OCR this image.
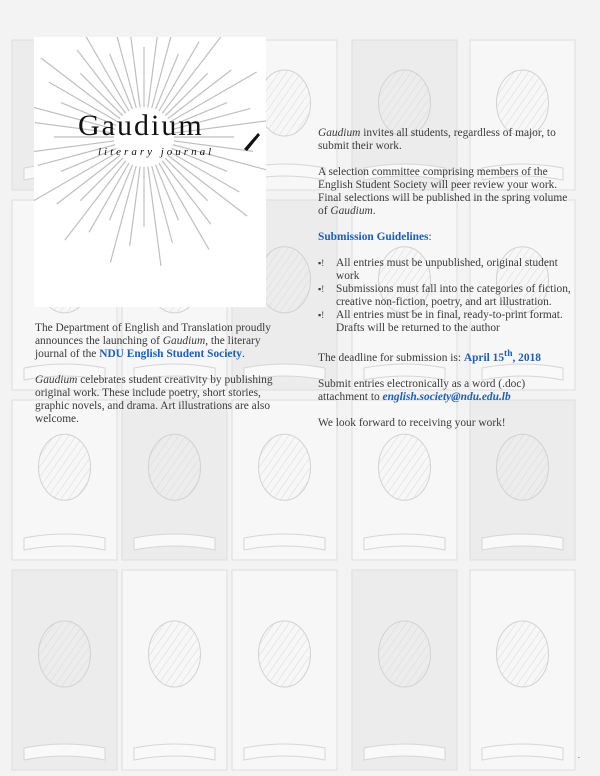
Gaudium
literary journal

The Department of English and Translation proudly announces the launching of Gaudium, the literary journal of the NDU English Student Society.

Gaudium celebrates student creativity by publishing original work. These include poetry, short stories, graphic novels, and drama. Art illustrations are also welcome.

Gaudium invites all students, regardless of major, to submit their work.

A selection committee comprising members of the English Student Society will peer review your work. Final selections will be published in the spring volume of Gaudium.

Submission Guidelines:

▪! All entries must be unpublished, original student work
▪! Submissions must fall into the categories of fiction, creative non-fiction, poetry, and art illustration.
▪! All entries must be in final, ready-to-print format. Drafts will be returned to the author

The deadline for submission is: April 15th, 2018

Submit entries electronically as a word (.doc) attachment to english.society@ndu.edu.lb

We look forward to receiving your work!

.
